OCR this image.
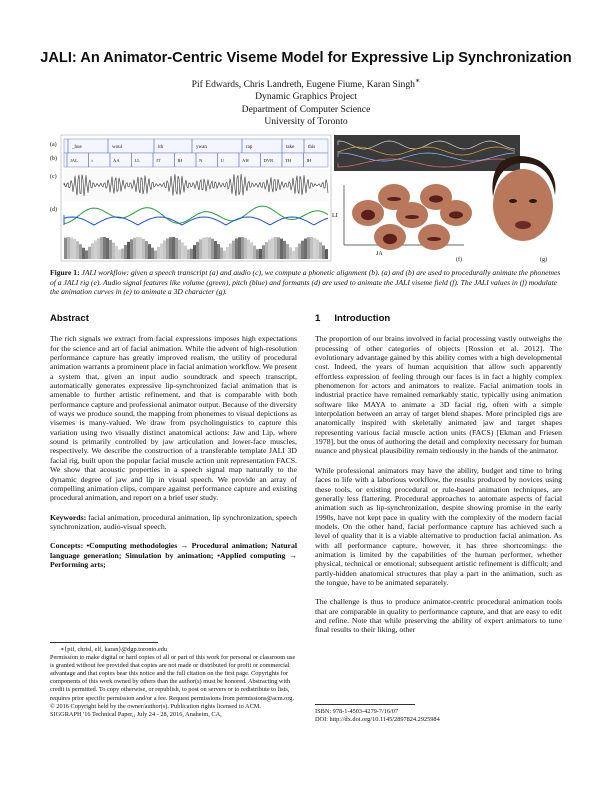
JALI: An Animator-Centric Viseme Model for Expressive Lip Synchronization
Pif Edwards, Chris Landreth, Eugene Fiume, Karan Singh∗
Dynamic Graphics Project
Department of Computer Science
University of Toronto
_hue	woul	ith	ywan	rap	take	this
JAL	r	AA	LL	JT	IH	N	U	AH	DVR	TH	IH
(a)
(b)
(c)
(d)
LI
JA
(f)	(g)
Figure 1: JALI workflow: given a speech transcript (a) and audio (c), we compute a phonetic alignment (b). (a) and (b) are used to procedurally animate the phonemes of a JALI rig (e). Audio signal features like volume (green), pitch (blue) and formants (d) are used to animate the JALI viseme field (f). The JALI values in (f) modulate the animation curves in (e) to animate a 3D character (g).
Abstract

The rich signals we extract from facial expressions imposes high expectations for the science and art of facial animation. While the advent of high-resolution performance capture has greatly improved realism, the utility of procedural animation warrants a prominent place in facial animation workflow. We present a system that, given an input audio soundtrack and speech transcript, automatically generates expressive lip-synchronized facial animation that is amenable to further artistic refinement, and that is comparable with both performance capture and professional animator output. Because of the diversity of ways we produce sound, the mapping from phonemes to visual depictions as visemes is many-valued. We draw from psycholinguistics to capture this variation using two visually distinct anatomical actions: Jaw and Lip, where sound is primarily controlled by jaw articulation and lower-face muscles, respectively. We describe the construction of a transferable template JALI 3D facial rig, built upon the popular facial muscle action unit representation FACS. We show that acoustic properties in a speech signal map naturally to the dynamic degree of jaw and lip in visual speech. We provide an array of compelling animation clips, compare against performance capture and existing procedural animation, and report on a brief user study.

Keywords: facial animation, procedural animation, lip synchronization, speech synchronization, audio-visual speech.

Concepts: •Computing methodologies → Procedural animation; Natural language generation; Simulation by animation; •Applied computing → Performing arts;
∗{pif, chrisl, elf, karan}@dgp.toronto.edu
Permission to make digital or hard copies of all or part of this work for personal or classroom use is granted without fee provided that copies are not made or distributed for profit or commercial advantage and that copies bear this notice and the full citation on the first page. Copyrights for components of this work owned by others than the author(s) must be honored. Abstracting with credit is permitted. To copy otherwise, or republish, to post on servers or to redistribute to lists, requires prior specific permission and/or a fee. Request permissions from permissions@acm.org. © 2016 Copyright held by the owner/author(s). Publication rights licensed to ACM.
SIGGRAPH '16 Technical Paper,, July 24 - 28, 2016, Anaheim, CA,
1 Introduction

The proportion of our brains involved in facial processing vastly outweighs the processing of other categories of objects [Rossion et al. 2012]. The evolutionary advantage gained by this ability comes with a high developmental cost. Indeed, the years of human acquisition that allow such apparently effortless expression of feeling through our faces is in fact a highly complex phenomenon for actors and animators to realize. Facial animation tools in industrial practice have remained remarkably static, typically using animation software like MAYA to animate a 3D facial rig, often with a simple interpolation between an array of target blend shapes. More principled rigs are anatomically inspired with skeletally animated jaw and target shapes representing various facial muscle action units (FACS) [Ekman and Friesen 1978], but the onus of authoring the detail and complexity necessary for human nuance and physical plausibility remain tediously in the hands of the animator.

While professional animators may have the ability, budget and time to bring faces to life with a laborious workflow, the results produced by novices using these tools, or existing procedural or rule-based animation techniques, are generally less flattering. Procedural approaches to automate aspects of facial animation such as lip-synchronization, despite showing promise in the early 1990s, have not kept pace in quality with the complexity of the modern facial models. On the other hand, facial performance capture has achieved such a level of quality that it is a viable alternative to production facial animation. As with all performance capture, however, it has three shortcomings: the animation is limited by the capabilities of the human performer, whether physical, technical or emotional; subsequent artistic refinement is difficult; and partly-hidden anatomical structures that play a part in the animation, such as the tongue, have to be animated separately.

The challenge is thus to produce animator-centric procedural animation tools that are comparable in quality to performance capture, and that are easy to edit and refine. Note that while preserving the ability of expert animators to tune final results to their liking, other

ISBN: 978-1-4503-4279-7/16/07
DOI: http://dx.doi.org/10.1145/2897824.2925984
